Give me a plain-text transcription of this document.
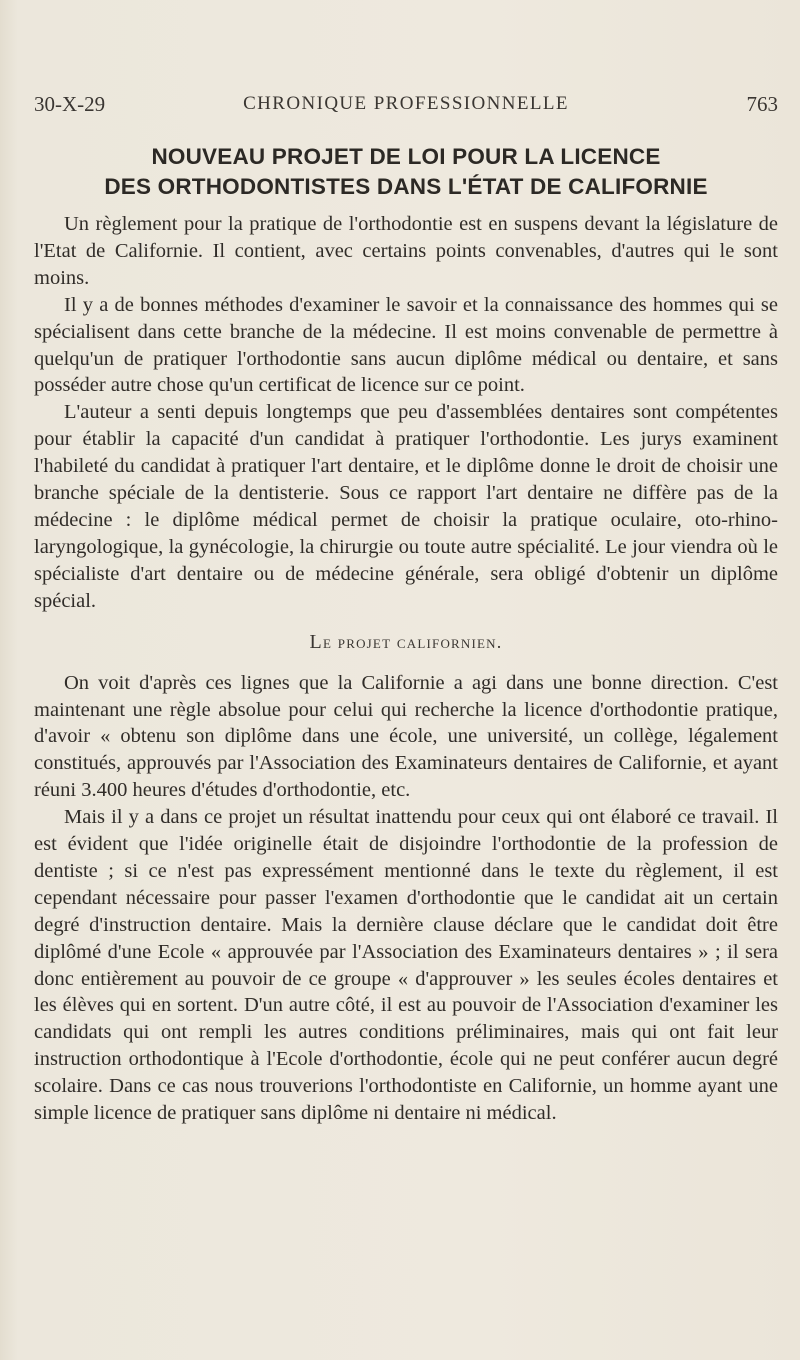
30-X-29	CHRONIQUE PROFESSIONNELLE	763
NOUVEAU PROJET DE LOI POUR LA LICENCE
DES ORTHODONTISTES DANS L'ÉTAT DE CALIFORNIE

Un règlement pour la pratique de l'orthodontie est en suspens devant la législature de l'Etat de Californie. Il contient, avec certains points convenables, d'autres qui le sont moins.

Il y a de bonnes méthodes d'examiner le savoir et la connaissance des hommes qui se spécialisent dans cette branche de la médecine. Il est moins convenable de permettre à quelqu'un de pratiquer l'orthodontie sans aucun diplôme médical ou dentaire, et sans posséder autre chose qu'un certificat de licence sur ce point.

L'auteur a senti depuis longtemps que peu d'assemblées dentaires sont compétentes pour établir la capacité d'un candidat à pratiquer l'orthodontie. Les jurys examinent l'habileté du candidat à pratiquer l'art dentaire, et le diplôme donne le droit de choisir une branche spéciale de la dentisterie. Sous ce rapport l'art dentaire ne diffère pas de la médecine : le diplôme médical permet de choisir la pratique oculaire, oto-rhino-laryngologique, la gynécologie, la chirurgie ou toute autre spécialité. Le jour viendra où le spécialiste d'art dentaire ou de médecine générale, sera obligé d'obtenir un diplôme spécial.

Le projet californien.

On voit d'après ces lignes que la Californie a agi dans une bonne direction. C'est maintenant une règle absolue pour celui qui recherche la licence d'orthodontie pratique, d'avoir « obtenu son diplôme dans une école, une université, un collège, légalement constitués, approuvés par l'Association des Examinateurs dentaires de Californie, et ayant réuni 3.400 heures d'études d'orthodontie, etc.

Mais il y a dans ce projet un résultat inattendu pour ceux qui ont élaboré ce travail. Il est évident que l'idée originelle était de disjoindre l'orthodontie de la profession de dentiste ; si ce n'est pas expressément mentionné dans le texte du règlement, il est cependant nécessaire pour passer l'examen d'orthodontie que le candidat ait un certain degré d'instruction dentaire. Mais la dernière clause déclare que le candidat doit être diplômé d'une Ecole « approuvée par l'Association des Examinateurs dentaires » ; il sera donc entièrement au pouvoir de ce groupe « d'approuver » les seules écoles dentaires et les élèves qui en sortent. D'un autre côté, il est au pouvoir de l'Association d'examiner les candidats qui ont rempli les autres conditions préliminaires, mais qui ont fait leur instruction orthodontique à l'Ecole d'orthodontie, école qui ne peut conférer aucun degré scolaire. Dans ce cas nous trouverions l'orthodontiste en Californie, un homme ayant une simple licence de pratiquer sans diplôme ni dentaire ni médical.
